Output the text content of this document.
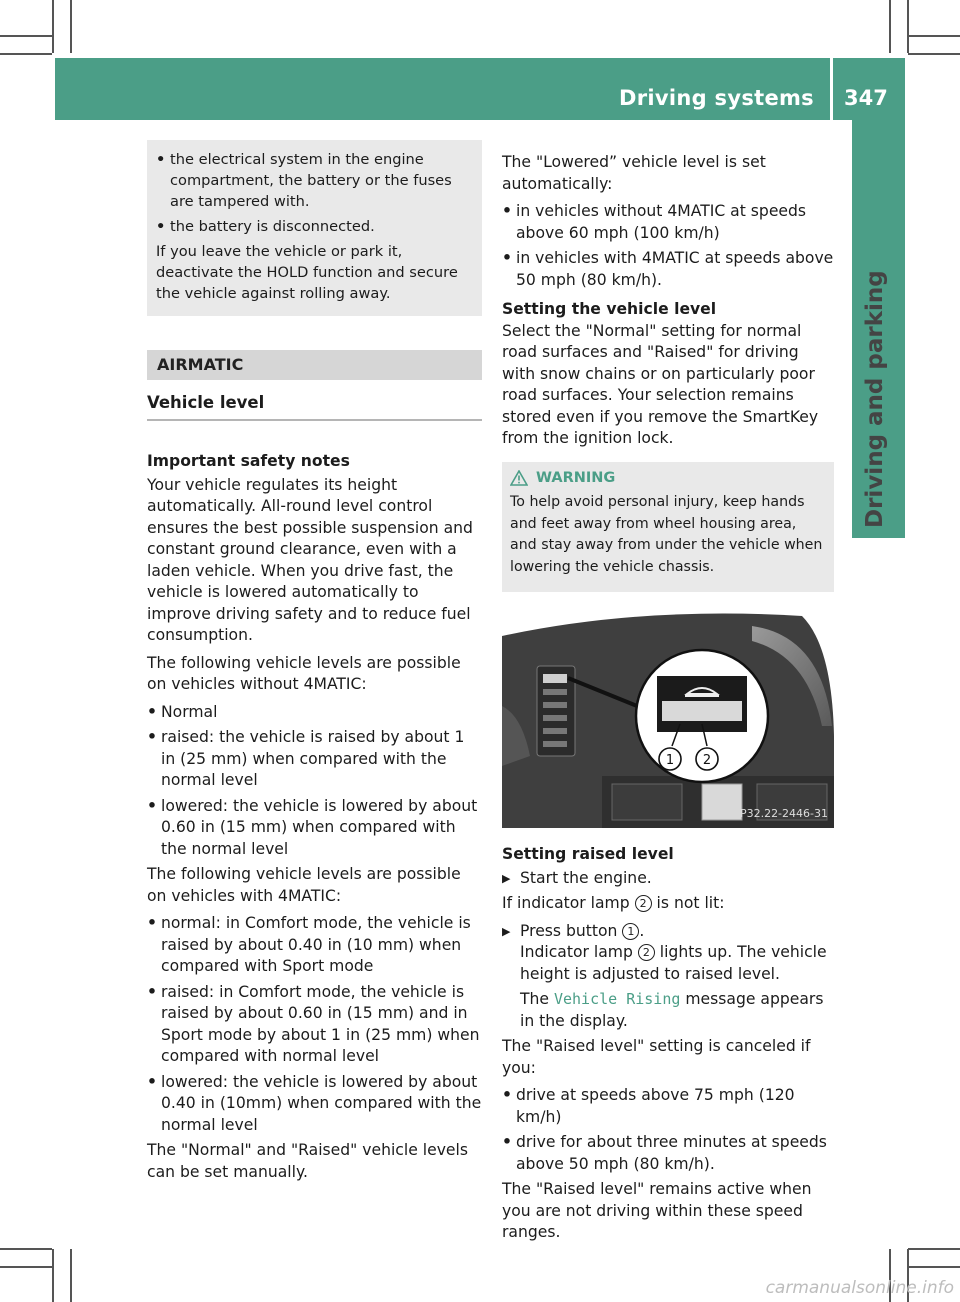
Driving systems 347
Driving and parking
• the electrical system in the engine compartment, the battery or the fuses are tampered with.
• the battery is disconnected.

If you leave the vehicle or park it, deactivate the HOLD function and secure the vehicle against rolling away.

AIRMATIC
Vehicle level

Important safety notes

Your vehicle regulates its height automatically. All-round level control ensures the best possible suspension and constant ground clearance, even with a laden vehicle. When you drive fast, the vehicle is lowered automatically to improve driving safety and to reduce fuel consumption.

The following vehicle levels are possible on vehicles without 4MATIC:

• Normal
• raised: the vehicle is raised by about 1 in (25 mm) when compared with the normal level
• lowered: the vehicle is lowered by about 0.60 in (15 mm) when compared with the normal level

The following vehicle levels are possible on vehicles with 4MATIC:

• normal: in Comfort mode, the vehicle is raised by about 0.40 in (10 mm) when compared with Sport mode
• raised: in Comfort mode, the vehicle is raised by about 0.60 in (15 mm) and in Sport mode by about 1 in (25 mm) when compared with normal level
• lowered: the vehicle is lowered by about 0.40 in (10mm) when compared with the normal level

The "Normal" and "Raised" vehicle levels can be set manually.

The "Lowered” vehicle level is set automatically:

• in vehicles without 4MATIC at speeds above 60 mph (100 km/h)
• in vehicles with 4MATIC at speeds above 50 mph (80 km/h).

Setting the vehicle level

Select the "Normal" setting for normal road surfaces and "Raised" for driving with snow chains or on particularly poor road surfaces. Your selection remains stored even if you remove the SmartKey from the ignition lock.

WARNING

To help avoid personal injury, keep hands and feet away from wheel housing area, and stay away from under the vehicle when lowering the vehicle chassis.

1 2
P32.22-2446-31

Setting raised level

▶ Start the engine.

If indicator lamp 2 is not lit:

▶ Press button 1 .
Indicator lamp 2 lights up. The vehicle height is adjusted to raised level.
The Vehicle Rising message appears in the display.

The "Raised level" setting is canceled if you:

• drive at speeds above 75 mph (120 km/h)
• drive for about three minutes at speeds above 50 mph (80 km/h).

The "Raised level" remains active when you are not driving within these speed ranges.

carmanualsonline.info
